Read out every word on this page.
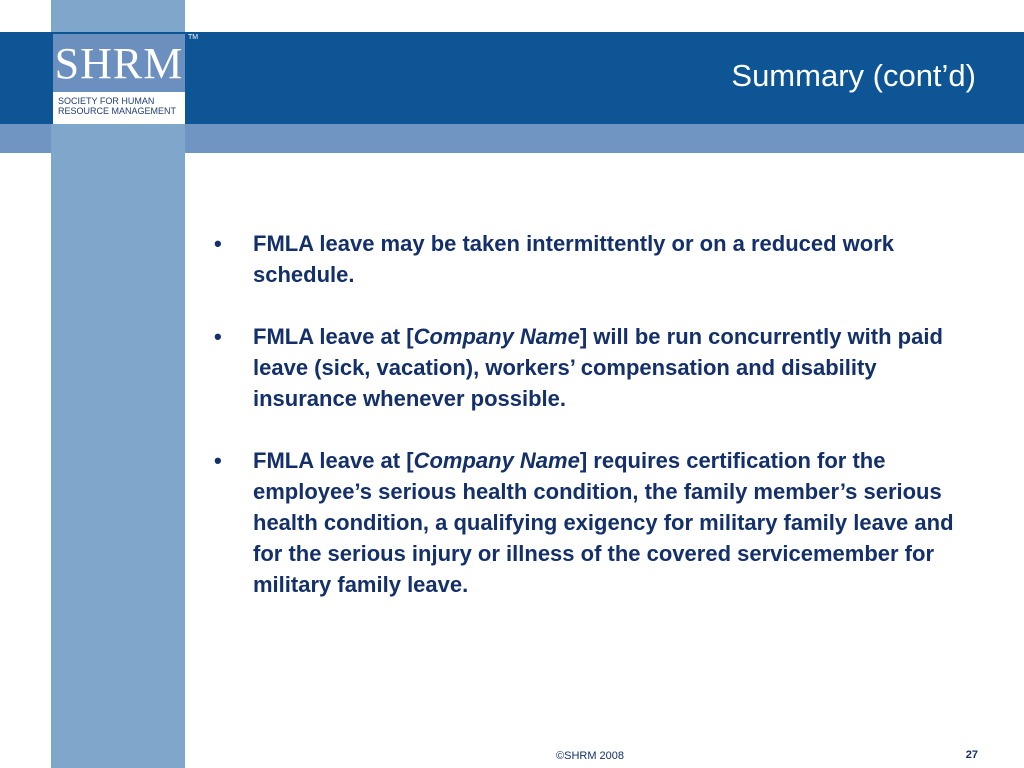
SHRM
SOCIETY FOR HUMAN RESOURCE MANAGEMENT
TM
Summary (cont’d)
•	FMLA leave may be taken intermittently or on a reduced work schedule.
•	FMLA leave at [Company Name] will be run concurrently with paid leave (sick, vacation), workers’ compensation and disability insurance whenever possible.
•	FMLA leave at [Company Name] requires certification for the employee’s serious health condition, the family member’s serious health condition, a qualifying exigency for military family leave and for the serious injury or illness of the covered servicemember for military family leave.
©SHRM 2008	27
